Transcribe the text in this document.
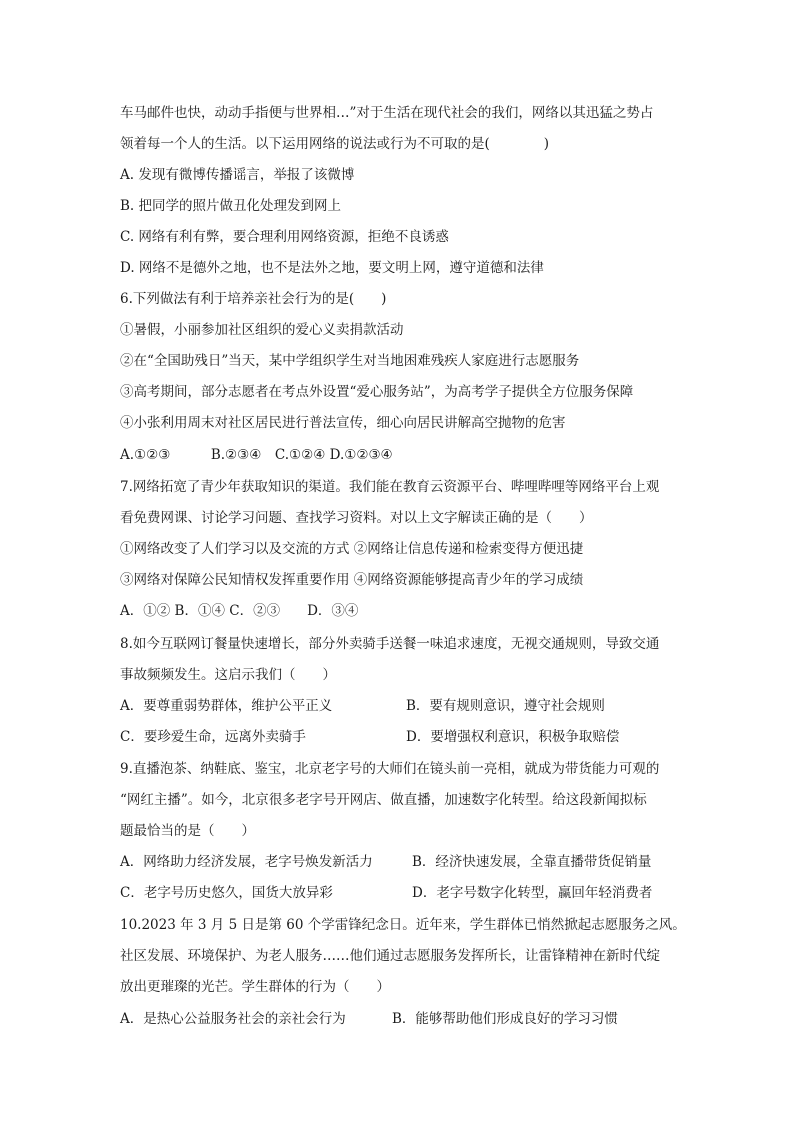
车马邮件也快，动动手指便与世界相…”对于生活在现代社会的我们，网络以其迅猛之势占
领着每一个人的生活。以下运用网络的说法或行为不可取的是(　　　　)
A. 发现有微博传播谣言，举报了该微博
B. 把同学的照片做丑化处理发到网上
C. 网络有利有弊，要合理利用网络资源，拒绝不良诱惑
D. 网络不是德外之地，也不是法外之地，要文明上网，遵守道德和法律
6.下列做法有利于培养亲社会行为的是(　　)
①暑假，小丽参加社区组织的爱心义卖捐款活动
②在“全国助残日”当天，某中学组织学生对当地困难残疾人家庭进行志愿服务
③高考期间，部分志愿者在考点外设置“爱心服务站”，为高考学子提供全方位服务保障
④小张利用周末对社区居民进行普法宣传，细心向居民讲解高空抛物的危害
A.①②③　　　B.②③④　C.①②④ D.①②③④
7.网络拓宽了青少年获取知识的渠道。我们能在教育云资源平台、哔哩哔哩等网络平台上观
看免费网课、讨论学习问题、查找学习资料。对以上文字解读正确的是（　　）
①网络改变了人们学习以及交流的方式 ②网络让信息传递和检索变得方便迅捷
③网络对保障公民知情权发挥重要作用 ④网络资源能够提高青少年的学习成绩
A．①② B．①④ C．②③　　D．③④
8.如今互联网订餐量快速增长，部分外卖骑手送餐一味追求速度，无视交通规则，导致交通
事故频频发生。这启示我们（　　）
A．要尊重弱势群体，维护公平正义	B．要有规则意识，遵守社会规则
C．要珍爱生命，远离外卖骑手	D．要增强权利意识，积极争取赔偿
9.直播泡茶、纳鞋底、鉴宝，北京老字号的大师们在镜头前一亮相，就成为带货能力可观的
“网红主播”。如今，北京很多老字号开网店、做直播，加速数字化转型。给这段新闻拟标
题最恰当的是（　　）
A．网络助力经济发展，老字号焕发新活力	B．经济快速发展，全靠直播带货促销量
C．老字号历史悠久，国货大放异彩	D．老字号数字化转型，赢回年轻消费者
10.2023 年 3 月 5 日是第 60 个学雷锋纪念日。近年来，学生群体已悄然掀起志愿服务之风。
社区发展、环境保护、为老人服务……他们通过志愿服务发挥所长，让雷锋精神在新时代绽
放出更璀璨的光芒。学生群体的行为（　　）
A．是热心公益服务社会的亲社会行为	B．能够帮助他们形成良好的学习习惯
